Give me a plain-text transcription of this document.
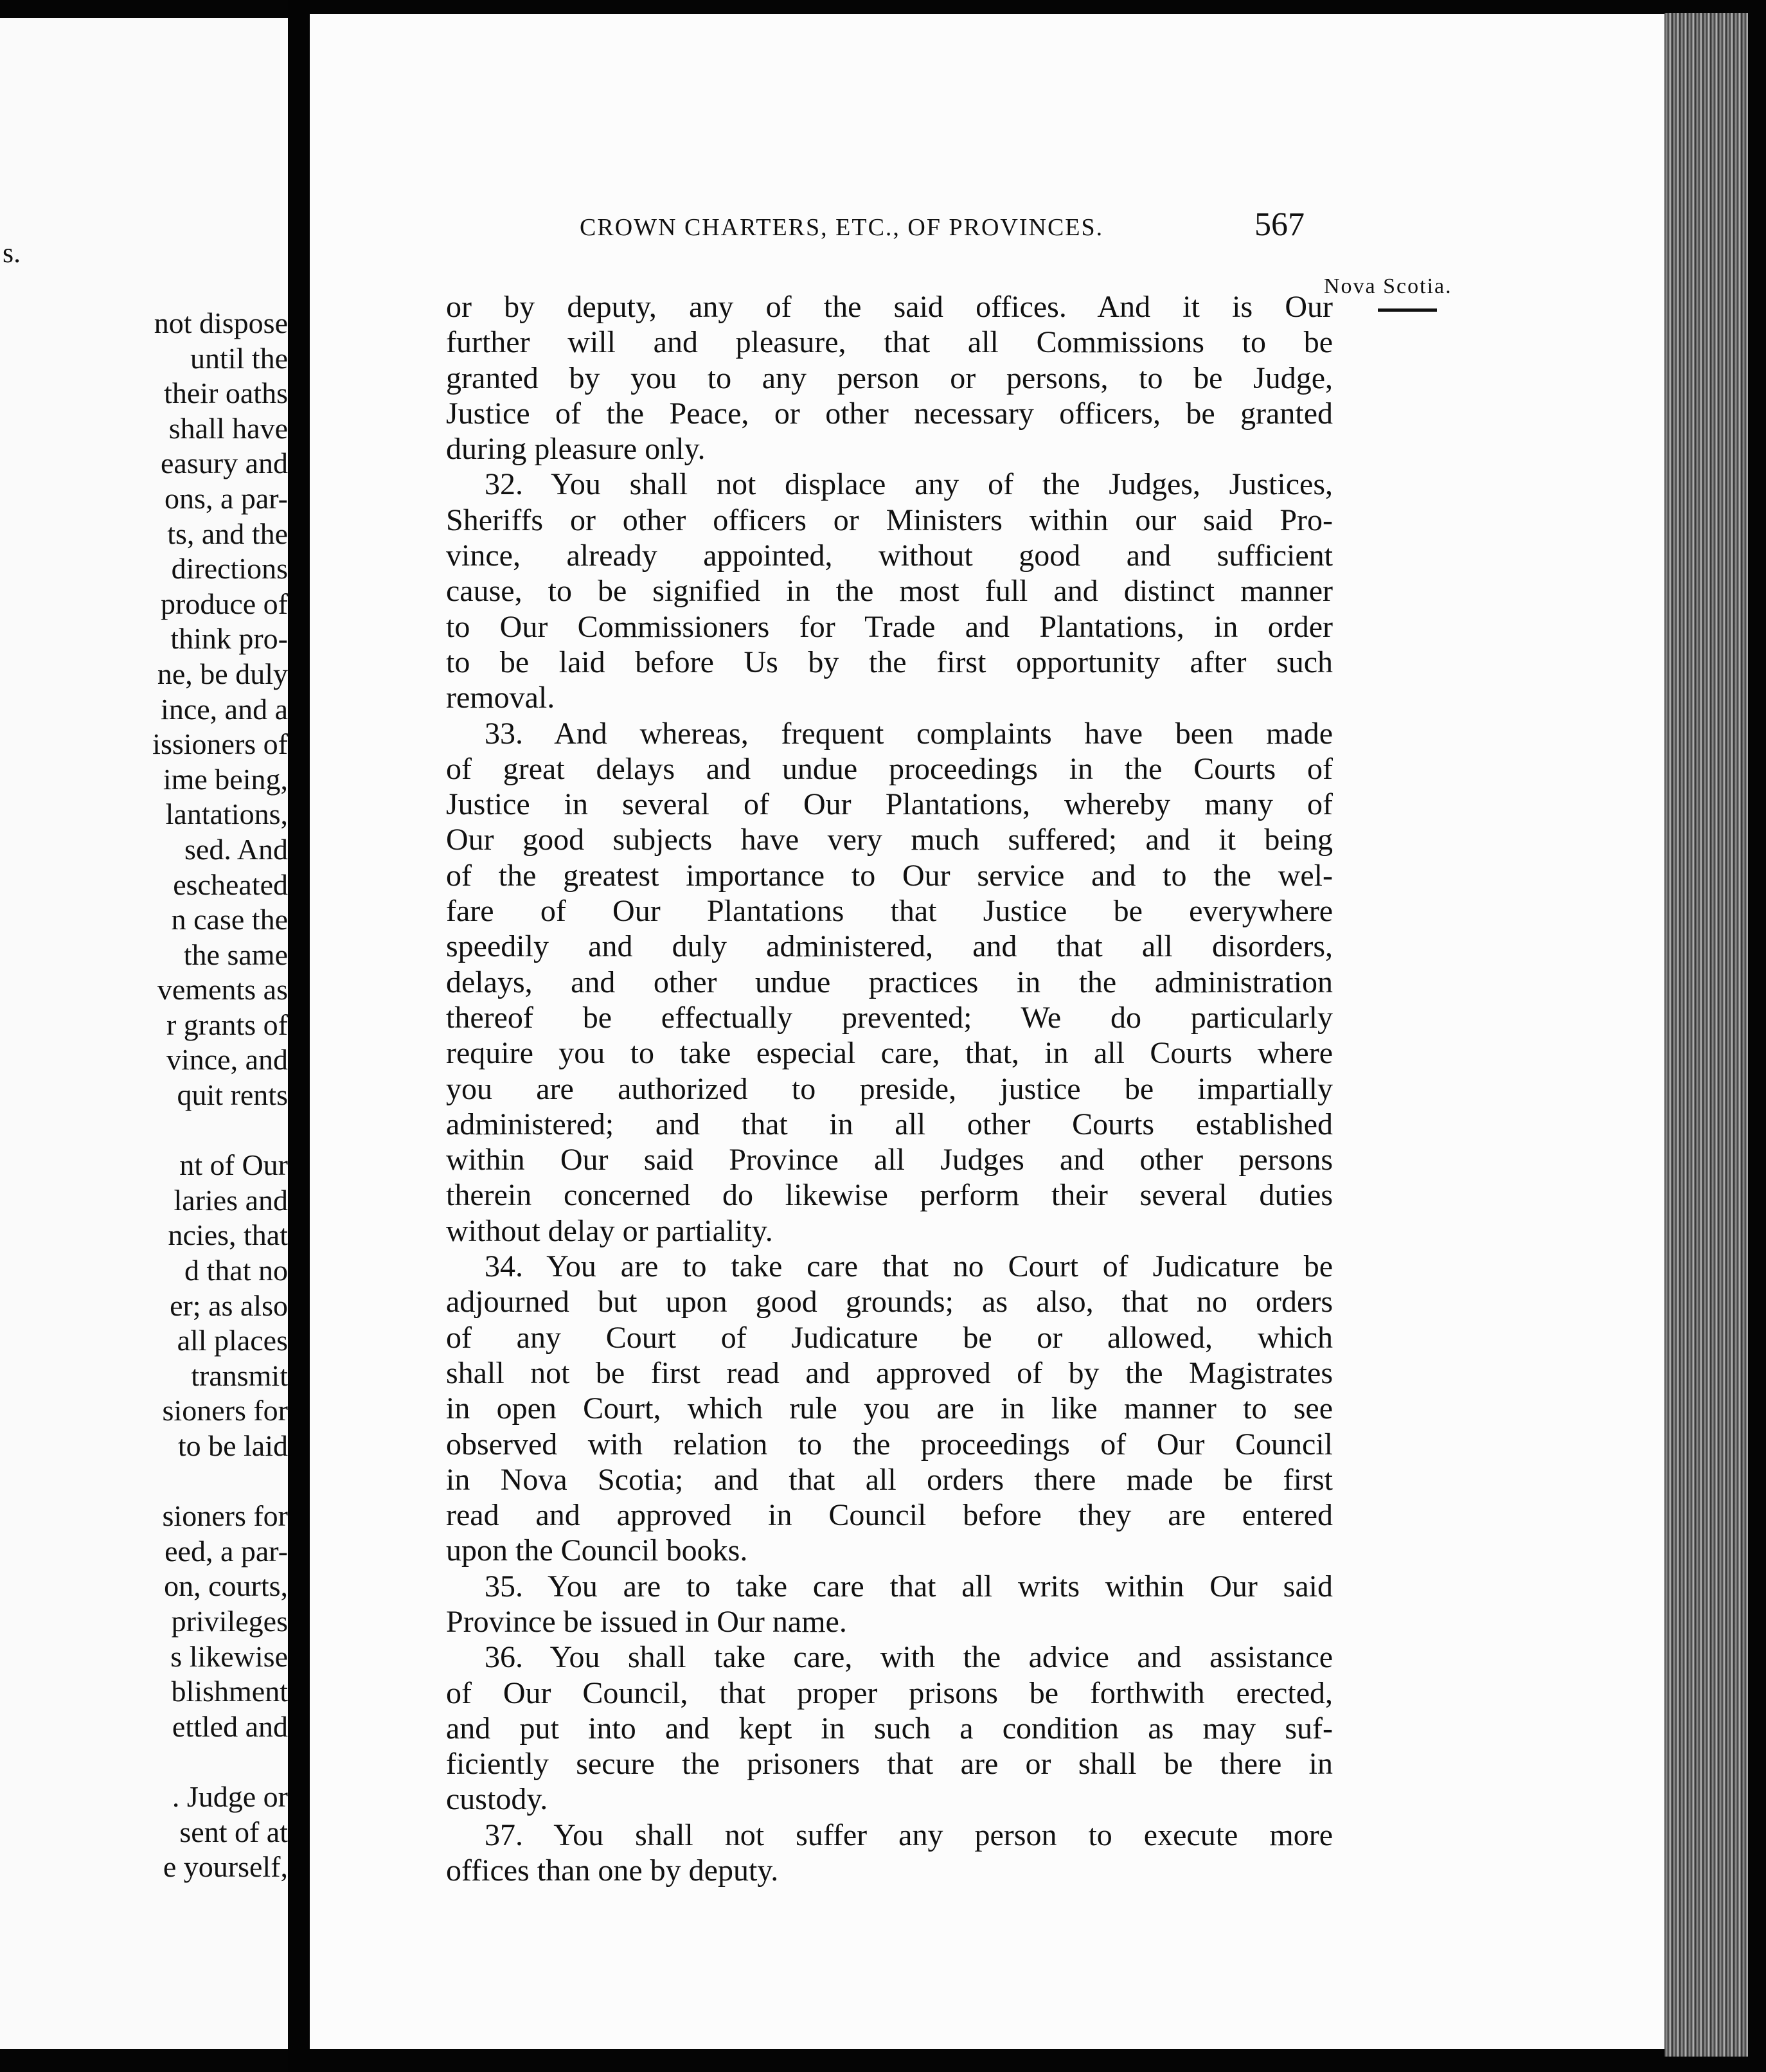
s.
not dispose
until the
their oaths
shall have
easury and
ons, a par-
ts, and the
directions
produce of
think pro-
ne, be duly
ince, and a
issioners of
ime being,
lantations,
sed. And
escheated
n case the
the same
vements as
r grants of
vince, and
quit rents
nt of Our
laries and
ncies, that
d that no
er; as also
all places
transmit
sioners for
to be laid
sioners for
eed, a par-
on, courts,
privileges
s likewise
blishment
ettled and
. Judge or
sent of at
e yourself,
CROWN CHARTERS, ETC., OF PROVINCES.	567
Nova Scotia.
or by deputy, any of the said offices. And it is Our
further will and pleasure, that all Commissions to be
granted by you to any person or persons, to be Judge,
Justice of the Peace, or other necessary officers, be granted
during pleasure only.
32. You shall not displace any of the Judges, Justices,
Sheriffs or other officers or Ministers within our said Pro-
vince, already appointed, without good and sufficient
cause, to be signified in the most full and distinct manner
to Our Commissioners for Trade and Plantations, in order
to be laid before Us by the first opportunity after such
removal.
33. And whereas, frequent complaints have been made
of great delays and undue proceedings in the Courts of
Justice in several of Our Plantations, whereby many of
Our good subjects have very much suffered; and it being
of the greatest importance to Our service and to the wel-
fare of Our Plantations that Justice be everywhere
speedily and duly administered, and that all disorders,
delays, and other undue practices in the administration
thereof be effectually prevented; We do particularly
require you to take especial care, that, in all Courts where
you are authorized to preside, justice be impartially
administered; and that in all other Courts established
within Our said Province all Judges and other persons
therein concerned do likewise perform their several duties
without delay or partiality.
34. You are to take care that no Court of Judicature be
adjourned but upon good grounds; as also, that no orders
of any Court of Judicature be or allowed, which
shall not be first read and approved of by the Magistrates
in open Court, which rule you are in like manner to see
observed with relation to the proceedings of Our Council
in Nova Scotia; and that all orders there made be first
read and approved in Council before they are entered
upon the Council books.
35. You are to take care that all writs within Our said
Province be issued in Our name.
36. You shall take care, with the advice and assistance
of Our Council, that proper prisons be forthwith erected,
and put into and kept in such a condition as may suf-
ficiently secure the prisoners that are or shall be there in
custody.
37. You shall not suffer any person to execute more
offices than one by deputy.
